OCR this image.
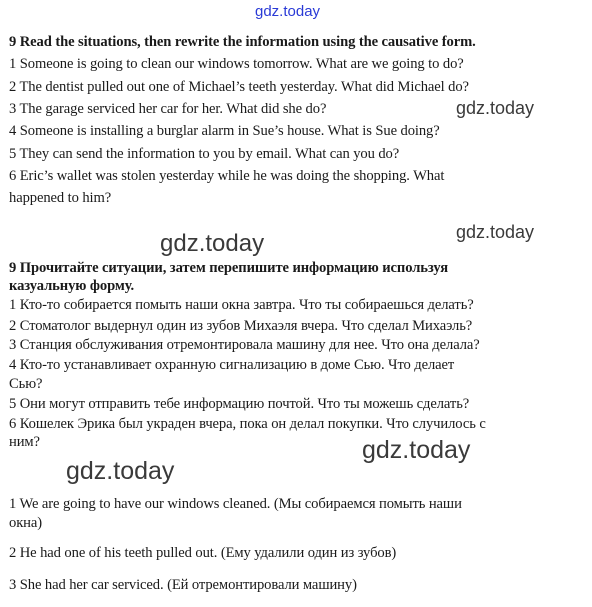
gdz.today
9 Read the situations, then rewrite the information using the causative form.
1 Someone is going to clean our windows tomorrow. What are we going to do?
2 The dentist pulled out one of Michael’s teeth yesterday. What did Michael do?
3 The garage serviced her car for her. What did she do?
4 Someone is installing a burglar alarm in Sue’s house. What is Sue doing?
5 They can send the information to you by email. What can you do?
6 Eric’s wallet was stolen yesterday while he was doing the shopping. What
happened to him?
gdz.today
gdz.today
gdz.today
9 Прочитайте ситуации, затем перепишите информацию используя
казуальную форму.
1 Кто-то собирается помыть наши окна завтра. Что ты собираешься делать?
2 Стоматолог выдернул один из зубов Михаэля вчера. Что сделал Михаэль?
3 Станция обслуживания отремонтировала машину для нее. Что она делала?
4 Кто-то устанавливает охранную сигнализацию в доме Сью. Что делает
Сью?
5 Они могут отправить тебе информацию почтой. Что ты можешь сделать?
6 Кошелек Эрика был украден вчера, пока он делал покупки. Что случилось с
ним?	gdz.today
gdz.today
1 We are going to have our windows cleaned. (Мы собираемся помыть наши
окна)
2 He had one of his teeth pulled out. (Ему удалили один из зубов)
3 She had her car serviced. (Ей отремонтировали машину)
